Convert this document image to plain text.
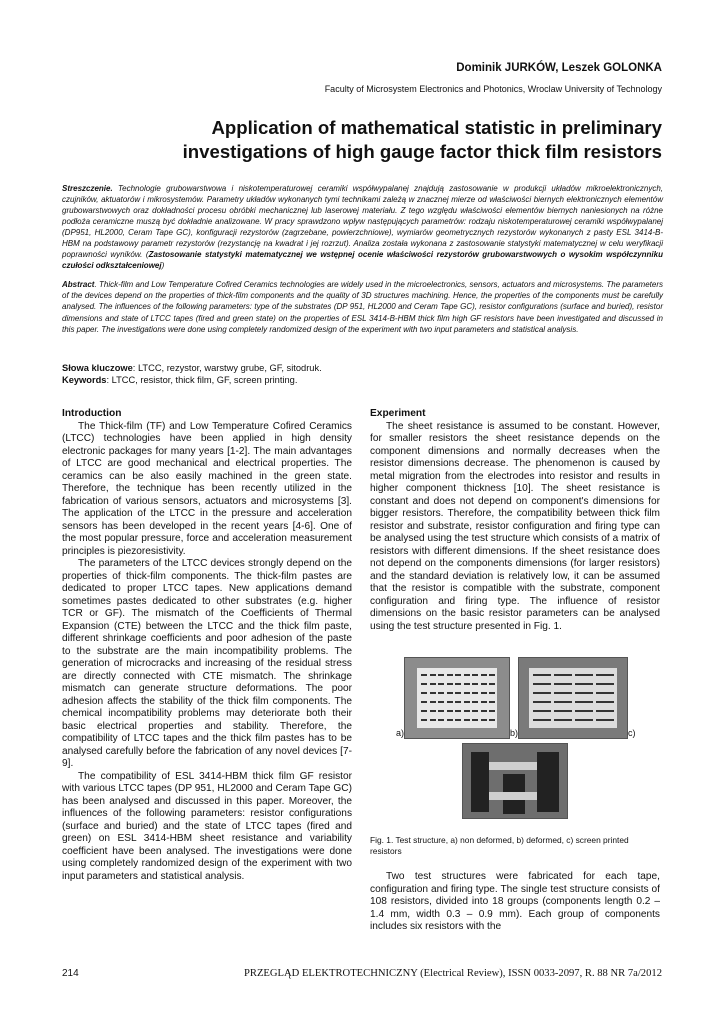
Dominik JURKÓW, Leszek GOLONKA
Faculty of Microsystem Electronics and Photonics, Wroclaw University of Technology
Application of mathematical statistic in preliminary
investigations of high gauge factor thick film resistors

Streszczenie. Technologie grubowarstwowa i niskotemperaturowej ceramiki współwypalanej znajdują zastosowanie w produkcji układów mikroelektronicznych, czujników, aktuatorów i mikrosystemów. Parametry układów wykonanych tymi technikami zależą w znacznej mierze od właściwości biernych elektronicznych elementów grubowarstwowych oraz dokładności procesu obróbki mechanicznej lub laserowej materiału. Z tego względu właściwości elementów biernych naniesionych na różne podłoża ceramiczne muszą być dokładnie analizowane. W pracy sprawdzono wpływ następujących parametrów: rodzaju niskotemperaturowej ceramiki współwypalanej (DP951, HL2000, Ceram Tape GC), konfiguracji rezystorów (zagrzebane, powierzchniowe), wymiarów geometrycznych rezystorów wykonanych z pasty ESL 3414-B-HBM na podstawowy parametr rezystorów (rezystancję na kwadrat i jej rozrzut). Analiza została wykonana z zastosowanie statystyki matematycznej w celu weryfikacji poprawności wyników. (Zastosowanie statystyki matematycznej we wstępnej ocenie właściwości rezystorów grubowarstwowych o wysokim współczynniku czułości odkształceniowej)

Abstract. Thick-film and Low Temperature Cofired Ceramics technologies are widely used in the microelectronics, sensors, actuators and microsystems. The parameters of the devices depend on the properties of thick-film components and the quality of 3D structures machining. Hence, the properties of the components must be carefully analysed. The influences of the following parameters: type of the substrates (DP 951, HL2000 and Ceram Tape GC), resistor configurations (surface and buried), resistor dimensions and state of LTCC tapes (fired and green state) on the properties of ESL 3414-B-HBM thick film high GF resistors have been investigated and discussed in this paper. The investigations were done using completely randomized design of the experiment with two input parameters and statistical analysis.

Słowa kluczowe: LTCC, rezystor, warstwy grube, GF, sitodruk.
Keywords: LTCC, resistor, thick film, GF, screen printing.
Introduction

The Thick-film (TF) and Low Temperature Cofired Ceramics (LTCC) technologies have been applied in high density electronic packages for many years [1-2]. The main advantages of LTCC are good mechanical and electrical properties. The ceramics can be also easily machined in the green state. Therefore, the technique has been recently utilized in the fabrication of various sensors, actuators and microsystems [3]. The application of the LTCC in the pressure and acceleration sensors has been developed in the recent years [4-6]. One of the most popular pressure, force and acceleration measurement principles is piezoresistivity.

The parameters of the LTCC devices strongly depend on the properties of thick-film components. The thick-film pastes are dedicated to proper LTCC tapes. New applications demand sometimes pastes dedicated to other substrates (e.g. higher TCR or GF). The mismatch of the Coefficients of Thermal Expansion (CTE) between the LTCC and the thick film paste, different shrinkage coefficients and poor adhesion of the paste to the substrate are the main incompatibility problems. The generation of microcracks and increasing of the residual stress are directly connected with CTE mismatch. The shrinkage mismatch can generate structure deformations. The poor adhesion affects the stability of the thick film components. The chemical incompatibility problems may deteriorate both their basic electrical properties and stability. Therefore, the compatibility of LTCC tapes and the thick film pastes has to be analysed carefully before the fabrication of any novel devices [7-9].

The compatibility of ESL 3414-HBM thick film GF resistor with various LTCC tapes (DP 951, HL2000 and Ceram Tape GC) has been analysed and discussed in this paper. Moreover, the influences of the following parameters: resistor configurations (surface and buried) and the state of LTCC tapes (fired and green) on ESL 3414-HBM sheet resistance and variability coefficient have been analysed. The investigations were done using completely randomized design of the experiment with two input parameters and statistical analysis.

Experiment

The sheet resistance is assumed to be constant. However, for smaller resistors the sheet resistance depends on the component dimensions and normally decreases when the resistor dimensions decrease. The phenomenon is caused by metal migration from the electrodes into resistor and results in higher component thickness [10]. The sheet resistance is constant and does not depend on component's dimensions for bigger resistors. Therefore, the compatibility between thick film resistor and substrate, resistor configuration and firing type can be analysed using the test structure which consists of a matrix of resistors with different dimensions. If the sheet resistance does not depend on the components dimensions (for larger resistors) and the standard deviation is relatively low, it can be assumed that the resistor is compatible with the substrate, component configuration and firing type. The influence of resistor dimensions on the basic resistor parameters can be analysed using the test structure presented in Fig. 1.

a)	b)	c)
Fig. 1. Test structure, a) non deformed, b) deformed, c) screen printed resistors

Two test structures were fabricated for each tape, configuration and firing type. The single test structure consists of 108 resistors, divided into 18 groups (components length 0.2 – 1.4 mm, width 0.3 – 0.9 mm). Each group of components includes six resistors with the

214	PRZEGLĄD ELEKTROTECHNICZNY (Electrical Review), ISSN 0033-2097, R. 88 NR 7a/2012
